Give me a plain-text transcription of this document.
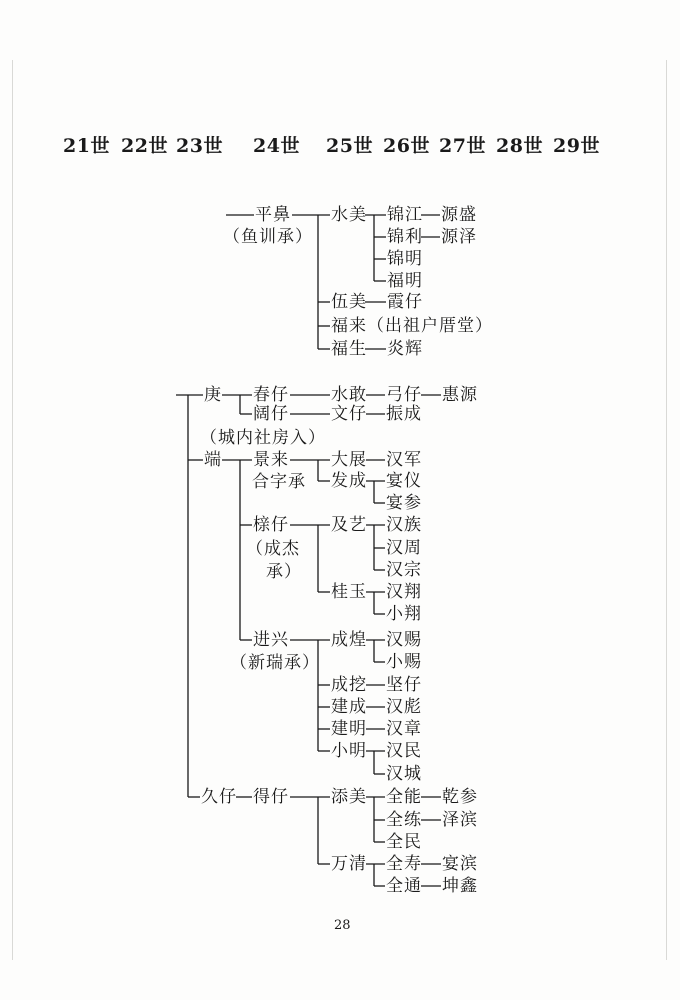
21世 22世 23世 24世 25世 26世 27世 28世 29世
平鼻
（鱼训承）
水美 锦江 源盛
锦利 源泽
锦明
福明
伍美 霞仔
福来（出祖户厝堂）
福生 炎辉
庚 春仔 水敢 弓仔 惠源
阔仔 文仔 振成
（城内社房入）
端 景来
合字承
大展 汉军
发成 宴仪
宴参
榇仔
（成杰
承）
及艺 汉族
汉周
汉宗
桂玉 汉翔
小翔
进兴
（新瑞承）
成煌 汉赐
小赐
成挖 坚仔
建成 汉彪
建明 汉章
小明 汉民
汉城
久仔 得仔 添美 全能 乾参
全练 泽滨
全民
万清 全寿 宴滨
全通 坤鑫
28
